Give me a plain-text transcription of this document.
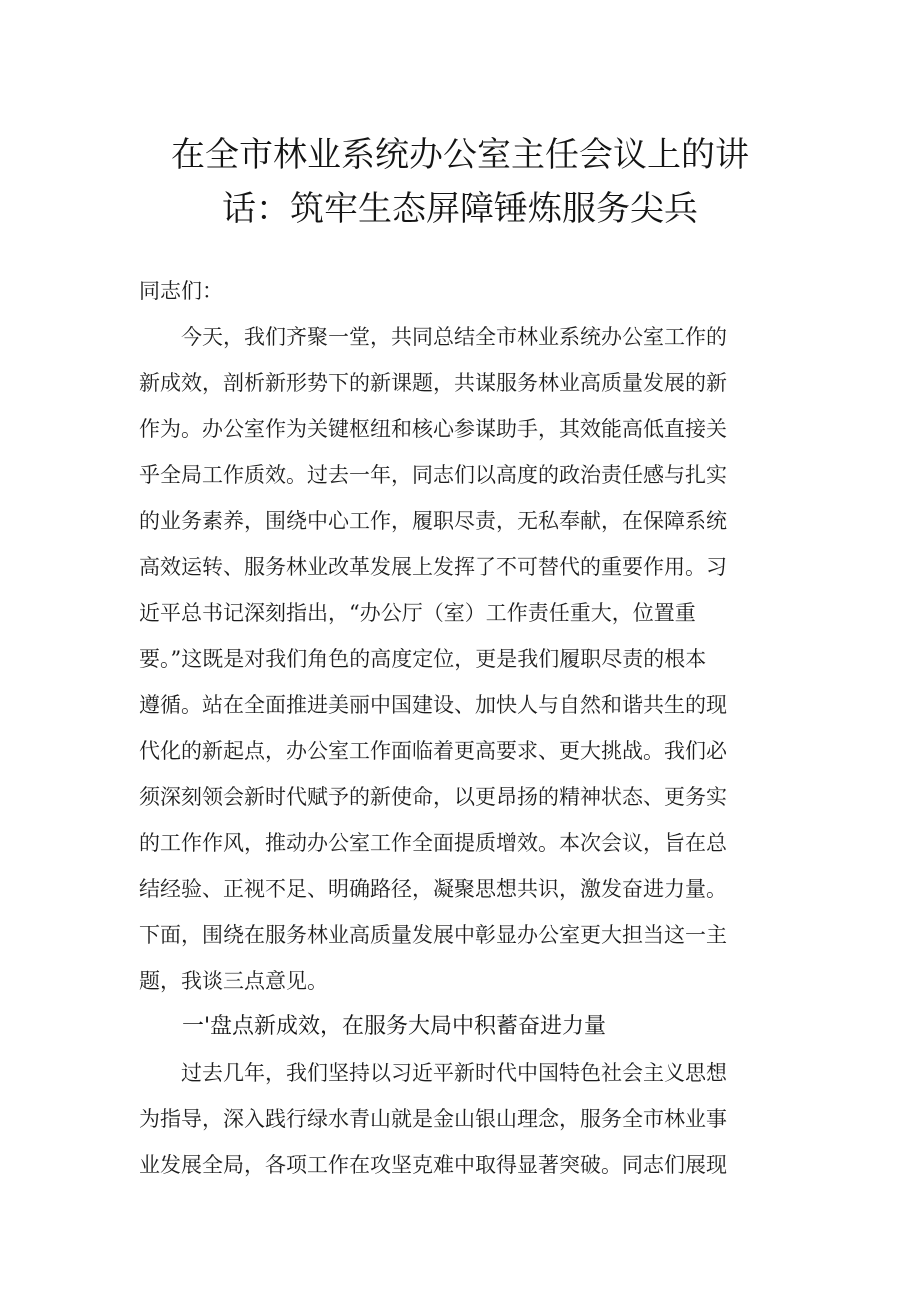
在全市林业系统办公室主任会议上的讲
话：筑牢生态屏障锤炼服务尖兵
同志们：
　　今天，我们齐聚一堂，共同总结全市林业系统办公室工作的
新成效，剖析新形势下的新课题，共谋服务林业高质量发展的新
作为。办公室作为关键枢纽和核心参谋助手，其效能高低直接关
乎全局工作质效。过去一年，同志们以高度的政治责任感与扎实
的业务素养，围绕中心工作，履职尽责，无私奉献，在保障系统
高效运转、服务林业改革发展上发挥了不可替代的重要作用。习
近平总书记深刻指出，“办公厅（室）工作责任重大，位置重
要。”这既是对我们角色的高度定位，更是我们履职尽责的根本
遵循。站在全面推进美丽中国建设、加快人与自然和谐共生的现
代化的新起点，办公室工作面临着更高要求、更大挑战。我们必
须深刻领会新时代赋予的新使命，以更昂扬的精神状态、更务实
的工作作风，推动办公室工作全面提质增效。本次会议，旨在总
结经验、正视不足、明确路径，凝聚思想共识，激发奋进力量。
下面，围绕在服务林业高质量发展中彰显办公室更大担当这一主
题，我谈三点意见。
一'盘点新成效，在服务大局中积蓄奋进力量
　　过去几年，我们坚持以习近平新时代中国特色社会主义思想
为指导，深入践行绿水青山就是金山银山理念，服务全市林业事
业发展全局，各项工作在攻坚克难中取得显著突破。同志们展现
